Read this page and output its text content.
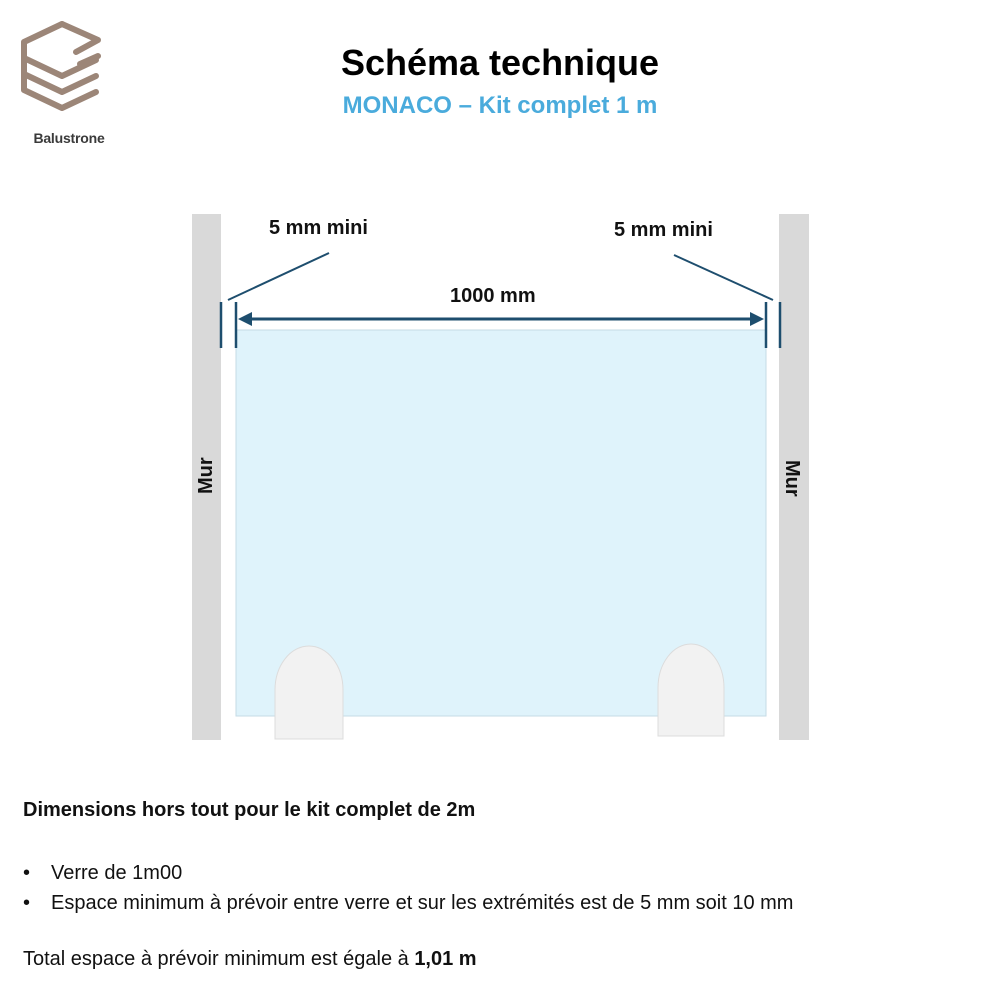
Balustrone
Schéma technique
MONACO – Kit complet 1 m
5 mm mini	5 mm mini
1000 mm
Mur	Mur
Dimensions hors tout pour le kit complet de 2m
• Verre de 1m00
• Espace minimum à prévoir entre verre et sur les extrémités est de 5 mm soit 10 mm
Total espace à prévoir minimum est égale à 1,01 m
